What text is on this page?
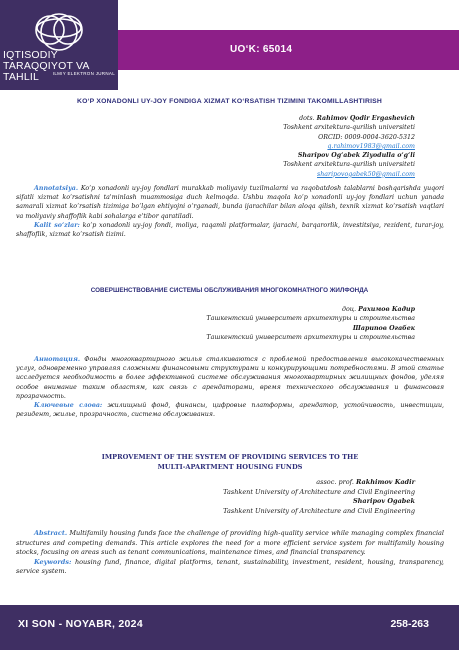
IQTISODIY TARAQQIYOT VA TAHLIL	ILMIY ELEKTRON JURNAL
UO‘K: 65014
KO‘P XONADONLI UY-JOY FONDIGA XIZMAT KO‘RSATISH TIZIMINI TAKOMILLASHTIRISH
dots. Rahimov Qodir Ergashevich
Toshkent arxitektura-qurilish universiteti
ORCID: 0009-0004-3620-5312
q.rahimov1983@gmail.com
Sharipov Og‘abek Ziyodulla o‘g‘li
Toshkent arxitektura-qurilish universiteti
sharipovogabek50@gmail.com

Annotatsiya. Ko‘p xonadonli uy-joy fondlari murakkab moliyaviy tuzilmalarni va raqobatdosh talablarni boshqarishda yuqori sifatli xizmat ko‘rsatishni ta'minlash muammosiga duch kelmoqda. Ushbu maqola ko‘p xonadonli uy-joy fondlari uchun yanada samarali xizmat ko‘rsatish tizimiga bo‘lgan ehtiyojni o‘rganadi, bunda ijarachilar bilan aloqa qilish, texnik xizmat ko‘rsatish vaqtlari va moliyaviy shaffoflik kabi sohalarga e'tibor qaratiladi.

Kalit so‘zlar: ko‘p xonadonli uy-joy fondi, moliya, raqamli platformalar, ijarachi, barqarorlik, investitsiya, rezident, turar-joy, shaffoflik, xizmat ko‘rsatish tizimi.

СОВЕРШЕНСТВОВАНИЕ СИСТЕМЫ ОБСЛУЖИВАНИЯ МНОГОКОМНАТНОГО ЖИЛФОНДА
доц. Рахимов Кадир
Ташкентский университет архитектуры и строительства
Шарипов Огабек
Ташкентский университет архитектуры и строительства

Аннотация. Фонды многоквартирного жилья сталкиваются с проблемой предоставления высококачественных услуг, одновременно управляя сложными финансовыми структурами и конкурирующими потребностями. В этой статье исследуется необходимость в более эффективной системе обслуживания многоквартирных жилищных фондов, уделяя особое внимание таким областям, как связь с арендаторами, время технического обслуживания и финансовая прозрачность.

Ключевые слова: жилищный фонд, финансы, цифровые платформы, арендатор, устойчивость, инвестиции, резидент, жилье, прозрачность, система обслуживания.

IMPROVEMENT OF THE SYSTEM OF PROVIDING SERVICES TO THE
MULTI-APARTMENT HOUSING FUNDS
assoc. prof. Rakhimov Kadir
Tashkent University of Architecture and Civil Engineering
Sharipov Ogabek
Tashkent University of Architecture and Civil Engineering

Abstract. Multifamily housing funds face the challenge of providing high-quality service while managing complex financial structures and competing demands. This article explores the need for a more efficient service system for multifamily housing stocks, focusing on areas such as tenant communications, maintenance times, and financial transparency.

Keywords: housing fund, finance, digital platforms, tenant, sustainability, investment, resident, housing, transparency, service system.

XI SON - NOYABR, 2024	258-263
